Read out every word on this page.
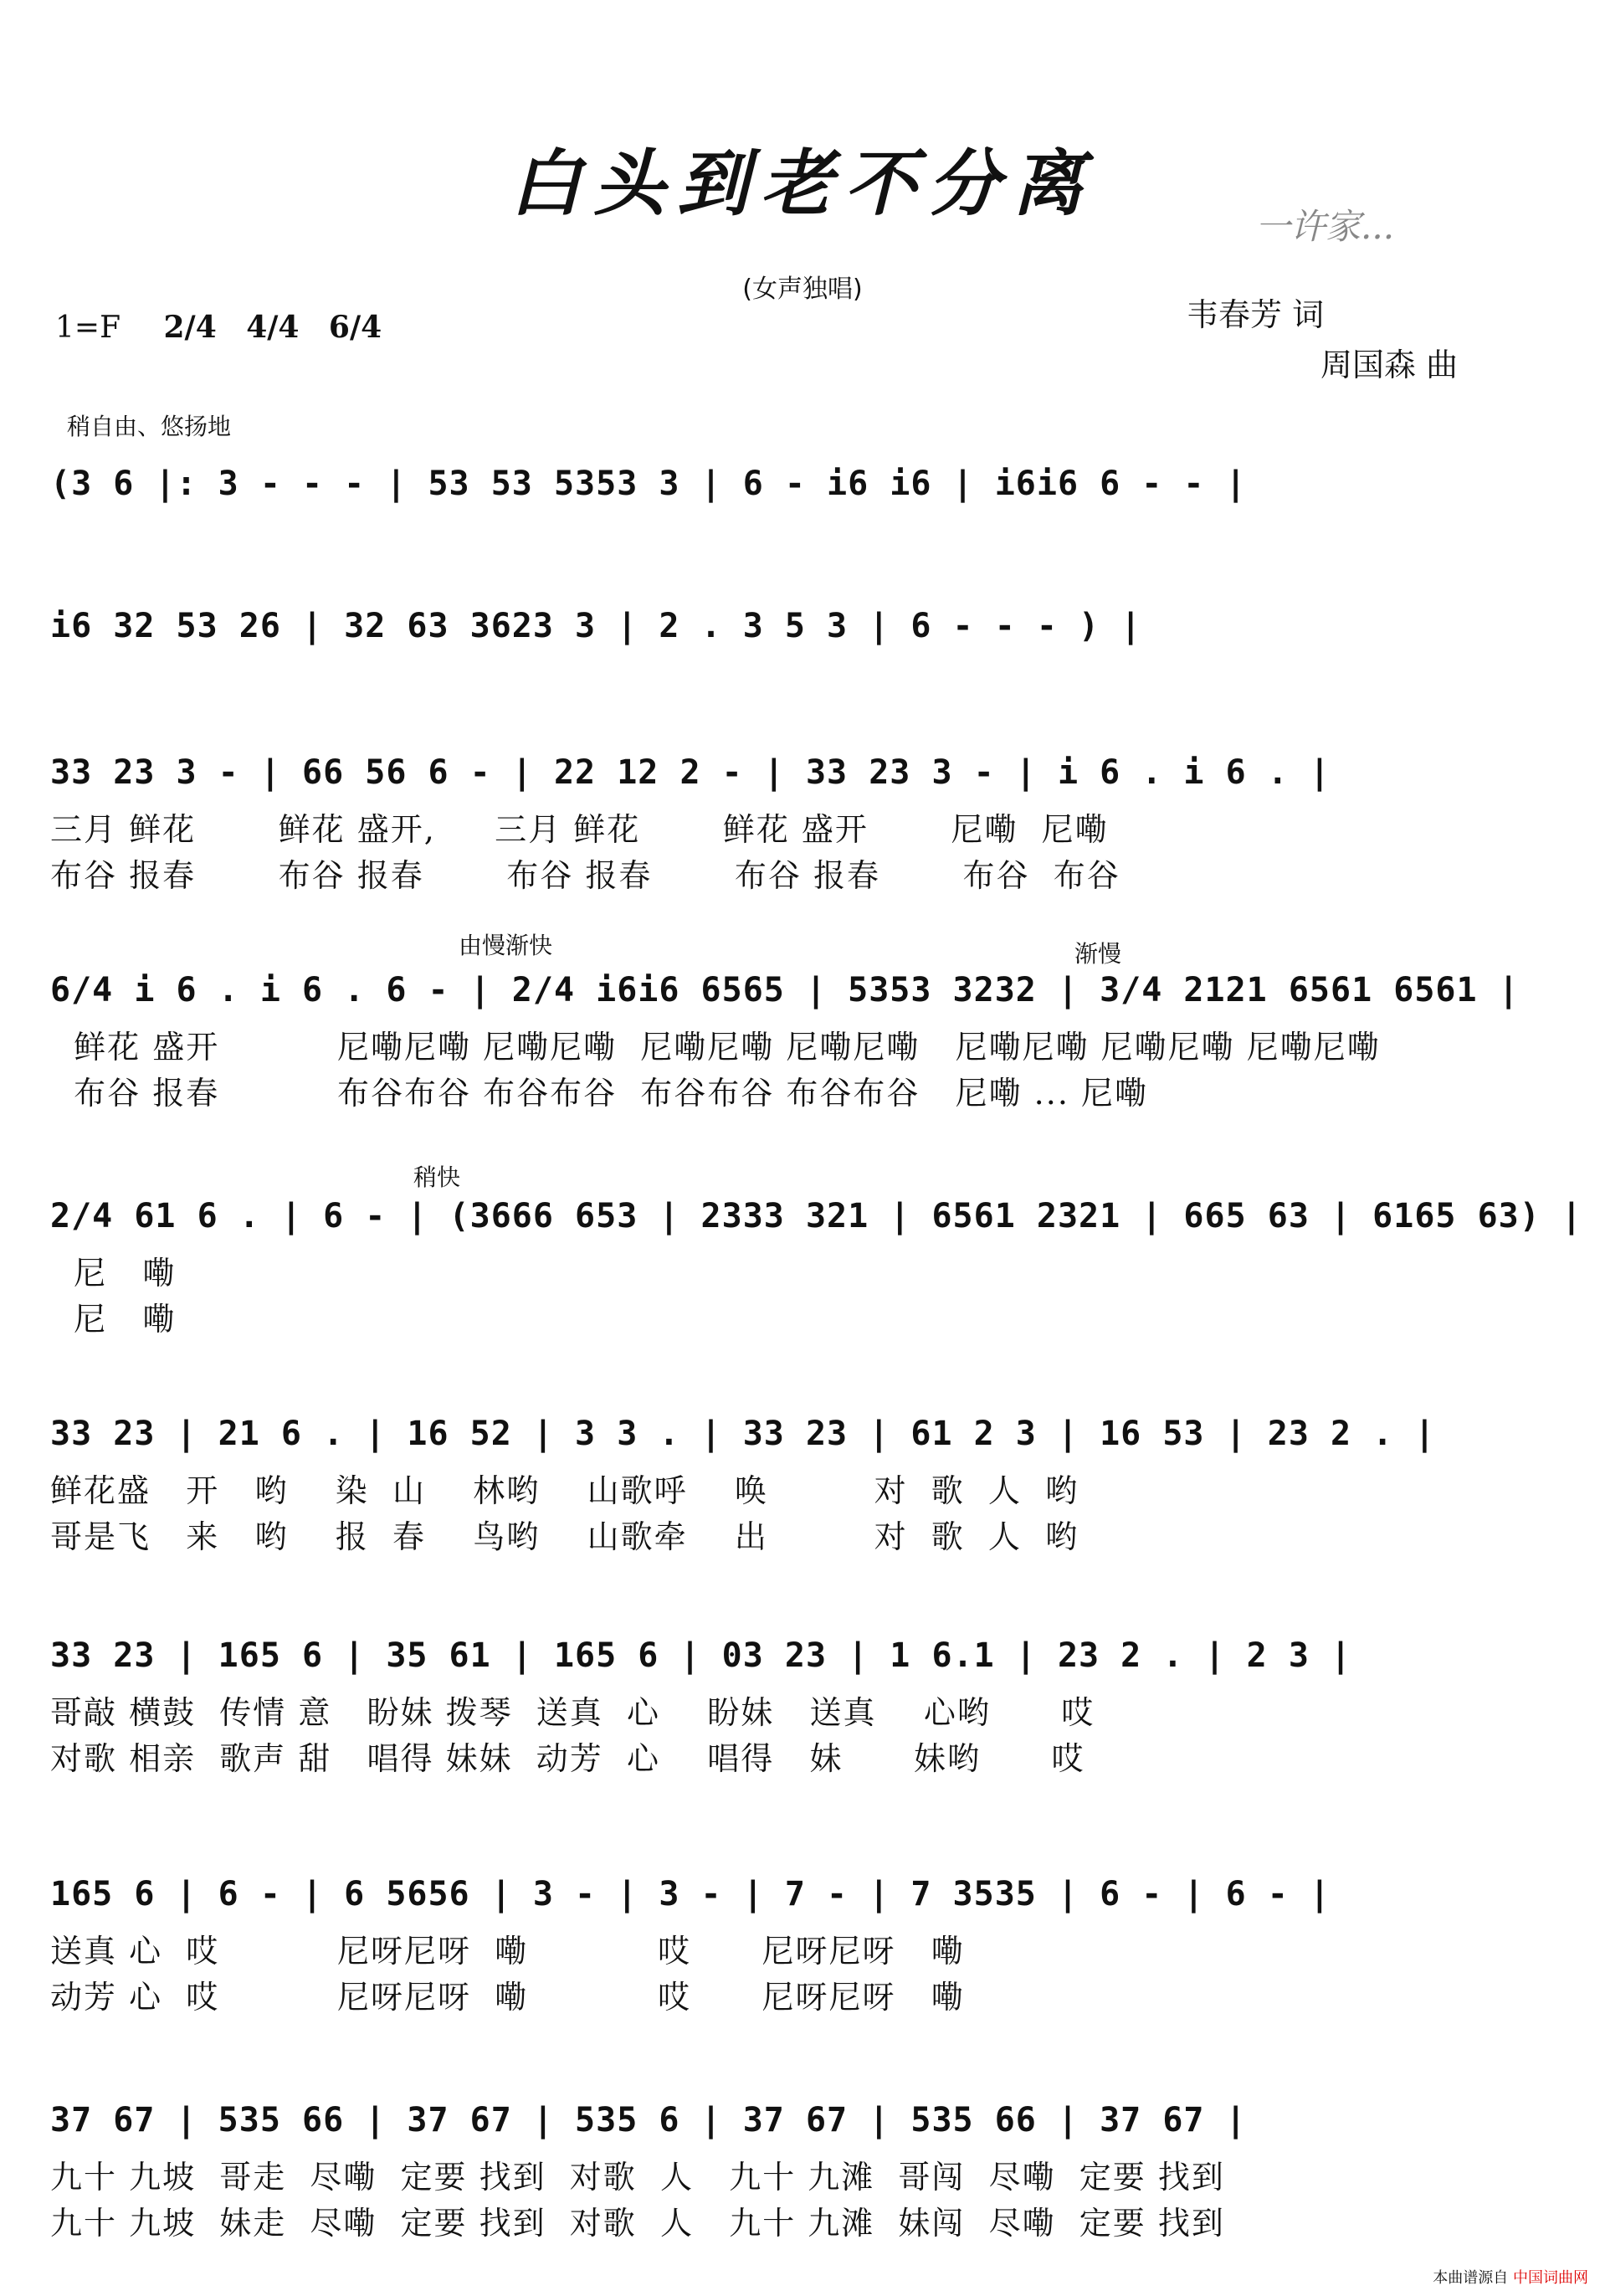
白头到老不分离
一许家...
(女声独唱)
韦春芳 词
周国森 曲
1=F 2/4 4/4 6/4
稍自由、悠扬地
(3 6 |: 3 - - - | 53 53 5353 3 | 6 - i6 i6 | i6i6 6 - - |
i6 32 53 26 | 32 63 3623 3 | 2 . 3 5 3 | 6 - - - ) |
33 23 3 - | 66 56 6 - | 22 12 2 - | 33 23 3 - | i 6 . i 6 . |
三月 鲜花       鲜花 盛开,     三月 鲜花       鲜花 盛开       尼嘞  尼嘞
布谷 报春       布谷 报春       布谷 报春       布谷 报春       布谷  布谷
由慢渐快	渐慢
6/4 i 6 . i 6 . 6 - | 2/4 i6i6 6565 | 5353 3232 | 3/4 2121 6561 6561 |
鲜花 盛开          尼嘞尼嘞 尼嘞尼嘞  尼嘞尼嘞 尼嘞尼嘞   尼嘞尼嘞 尼嘞尼嘞 尼嘞尼嘞
布谷 报春          布谷布谷 布谷布谷  布谷布谷 布谷布谷   尼嘞 ... 尼嘞
稍快
2/4 61 6 . | 6 - | (3666 653 | 2333 321 | 6561 2321 | 665 63 | 6165 63) |
尼   嘞
尼   嘞
33 23 | 21 6 . | 16 52 | 3 3 . | 33 23 | 61 2 3 | 16 53 | 23 2 . |
鲜花盛   开   哟    染  山    林哟    山歌呼    唤         对  歌  人  哟
哥是飞   来   哟    报  春    鸟哟    山歌牵    出         对  歌  人  哟
33 23 | 165 6 | 35 61 | 165 6 | 03 23 | 1 6.1 | 23 2 . | 2 3 |
哥敲 横鼓  传情 意   盼妹 拨琴  送真  心    盼妹   送真    心哟      哎
对歌 相亲  歌声 甜   唱得 妹妹  动芳  心    唱得   妹      妹哟      哎
165 6 | 6 - | 6 5656 | 3 - | 3 - | 7 - | 7 3535 | 6 - | 6 - |
送真 心  哎          尼呀尼呀  嘞           哎      尼呀尼呀   嘞
动芳 心  哎          尼呀尼呀  嘞           哎      尼呀尼呀   嘞
37 67 | 535 66 | 37 67 | 535 6 | 37 67 | 535 66 | 37 67 |
九十 九坡  哥走  尽嘞  定要 找到  对歌  人   九十 九滩  哥闯  尽嘞  定要 找到
九十 九坡  妹走  尽嘞  定要 找到  对歌  人   九十 九滩  妹闯  尽嘞  定要 找到
本曲谱源自 中国词曲网
